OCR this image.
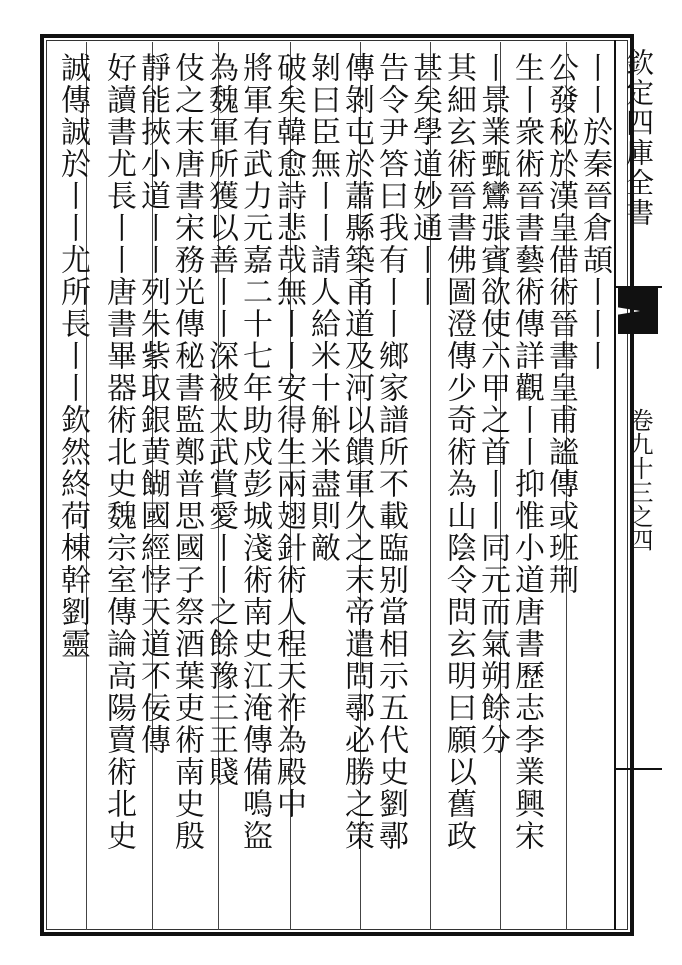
欽定四庫全書
卷九十三之四
丨丨於秦晉倉頡丨丨丨
公發秘於漢皇借術晉書皇甫謐傳或班荆
生丨衆術晉書藝術傳詳觀丨丨抑惟小道唐書歷志李業興宋
丨景業甄鸞張賓欲使六甲之首丨丨同元而氣朔餘分
其細玄術晉書佛圖澄傳少奇術為山陰令問玄明曰願以舊政
甚矣學道妙通丨丨
告令尹答曰我有丨丨鄉家譜所不載臨别當相示五代史劉鄩
傳剝屯於蕭縣築甬道及河以饋軍久之末帝遣問鄩必勝之策
剝曰臣無丨丨請人給米十斛米盡則敵
破矣韓愈詩悲哉無丨丨安得生兩翅針術人程天祚為殿中
將軍有武力元嘉二十七年助戍彭城淺術南史江淹傳備鳴盜
為魏軍所獲以善丨丨深被太武賞愛丨丨之餘豫三王賤
伎之末唐書宋務光傳秘書監鄭普思國子祭酒葉吏術南史殷
靜能挾小道丨丨列朱紫取銀黄餬國經悖天道不佞傳
好讀書尤長丨丨唐書畢器術北史魏宗室傳論高陽賣術北史
誠傳誠於丨丨尤所長丨丨欽然終荷棟幹劉靈
